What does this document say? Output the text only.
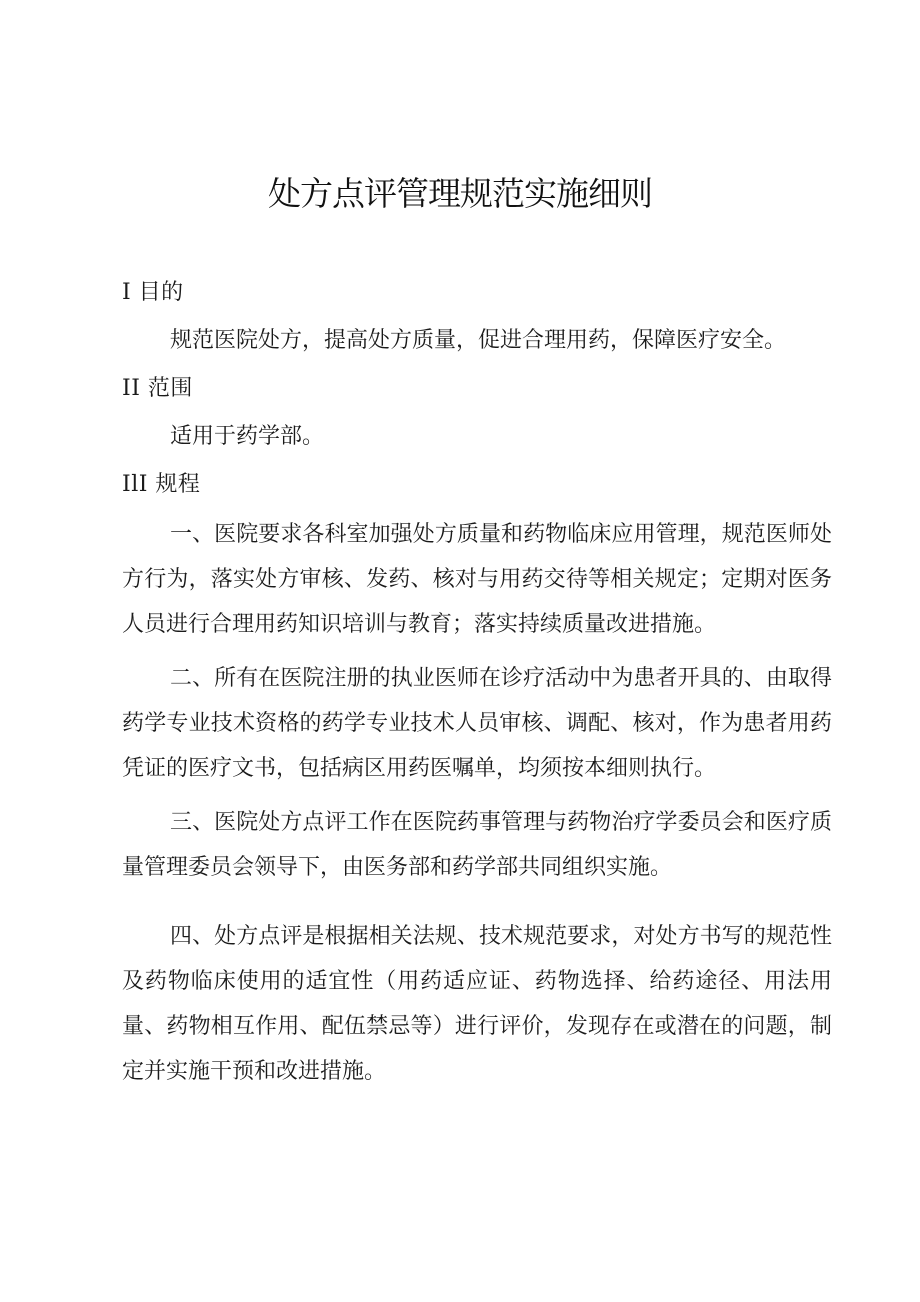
处方点评管理规范实施细则

I 目的

规范医院处方，提高处方质量，促进合理用药，保障医疗安全。

II 范围

适用于药学部。

IlI 规程

一、医院要求各科室加强处方质量和药物临床应用管理，规范医师处方行为，落实处方审核、发药、核对与用药交待等相关规定；定期对医务人员进行合理用药知识培训与教育；落实持续质量改进措施。

二、所有在医院注册的执业医师在诊疗活动中为患者开具的、由取得药学专业技术资格的药学专业技术人员审核、调配、核对，作为患者用药凭证的医疗文书，包括病区用药医嘱单，均须按本细则执行。

三、医院处方点评工作在医院药事管理与药物治疗学委员会和医疗质量管理委员会领导下，由医务部和药学部共同组织实施。

四、处方点评是根据相关法规、技术规范要求，对处方书写的规范性及药物临床使用的适宜性（用药适应证、药物选择、给药途径、用法用量、药物相互作用、配伍禁忌等）进行评价，发现存在或潜在的问题，制定并实施干预和改进措施。
